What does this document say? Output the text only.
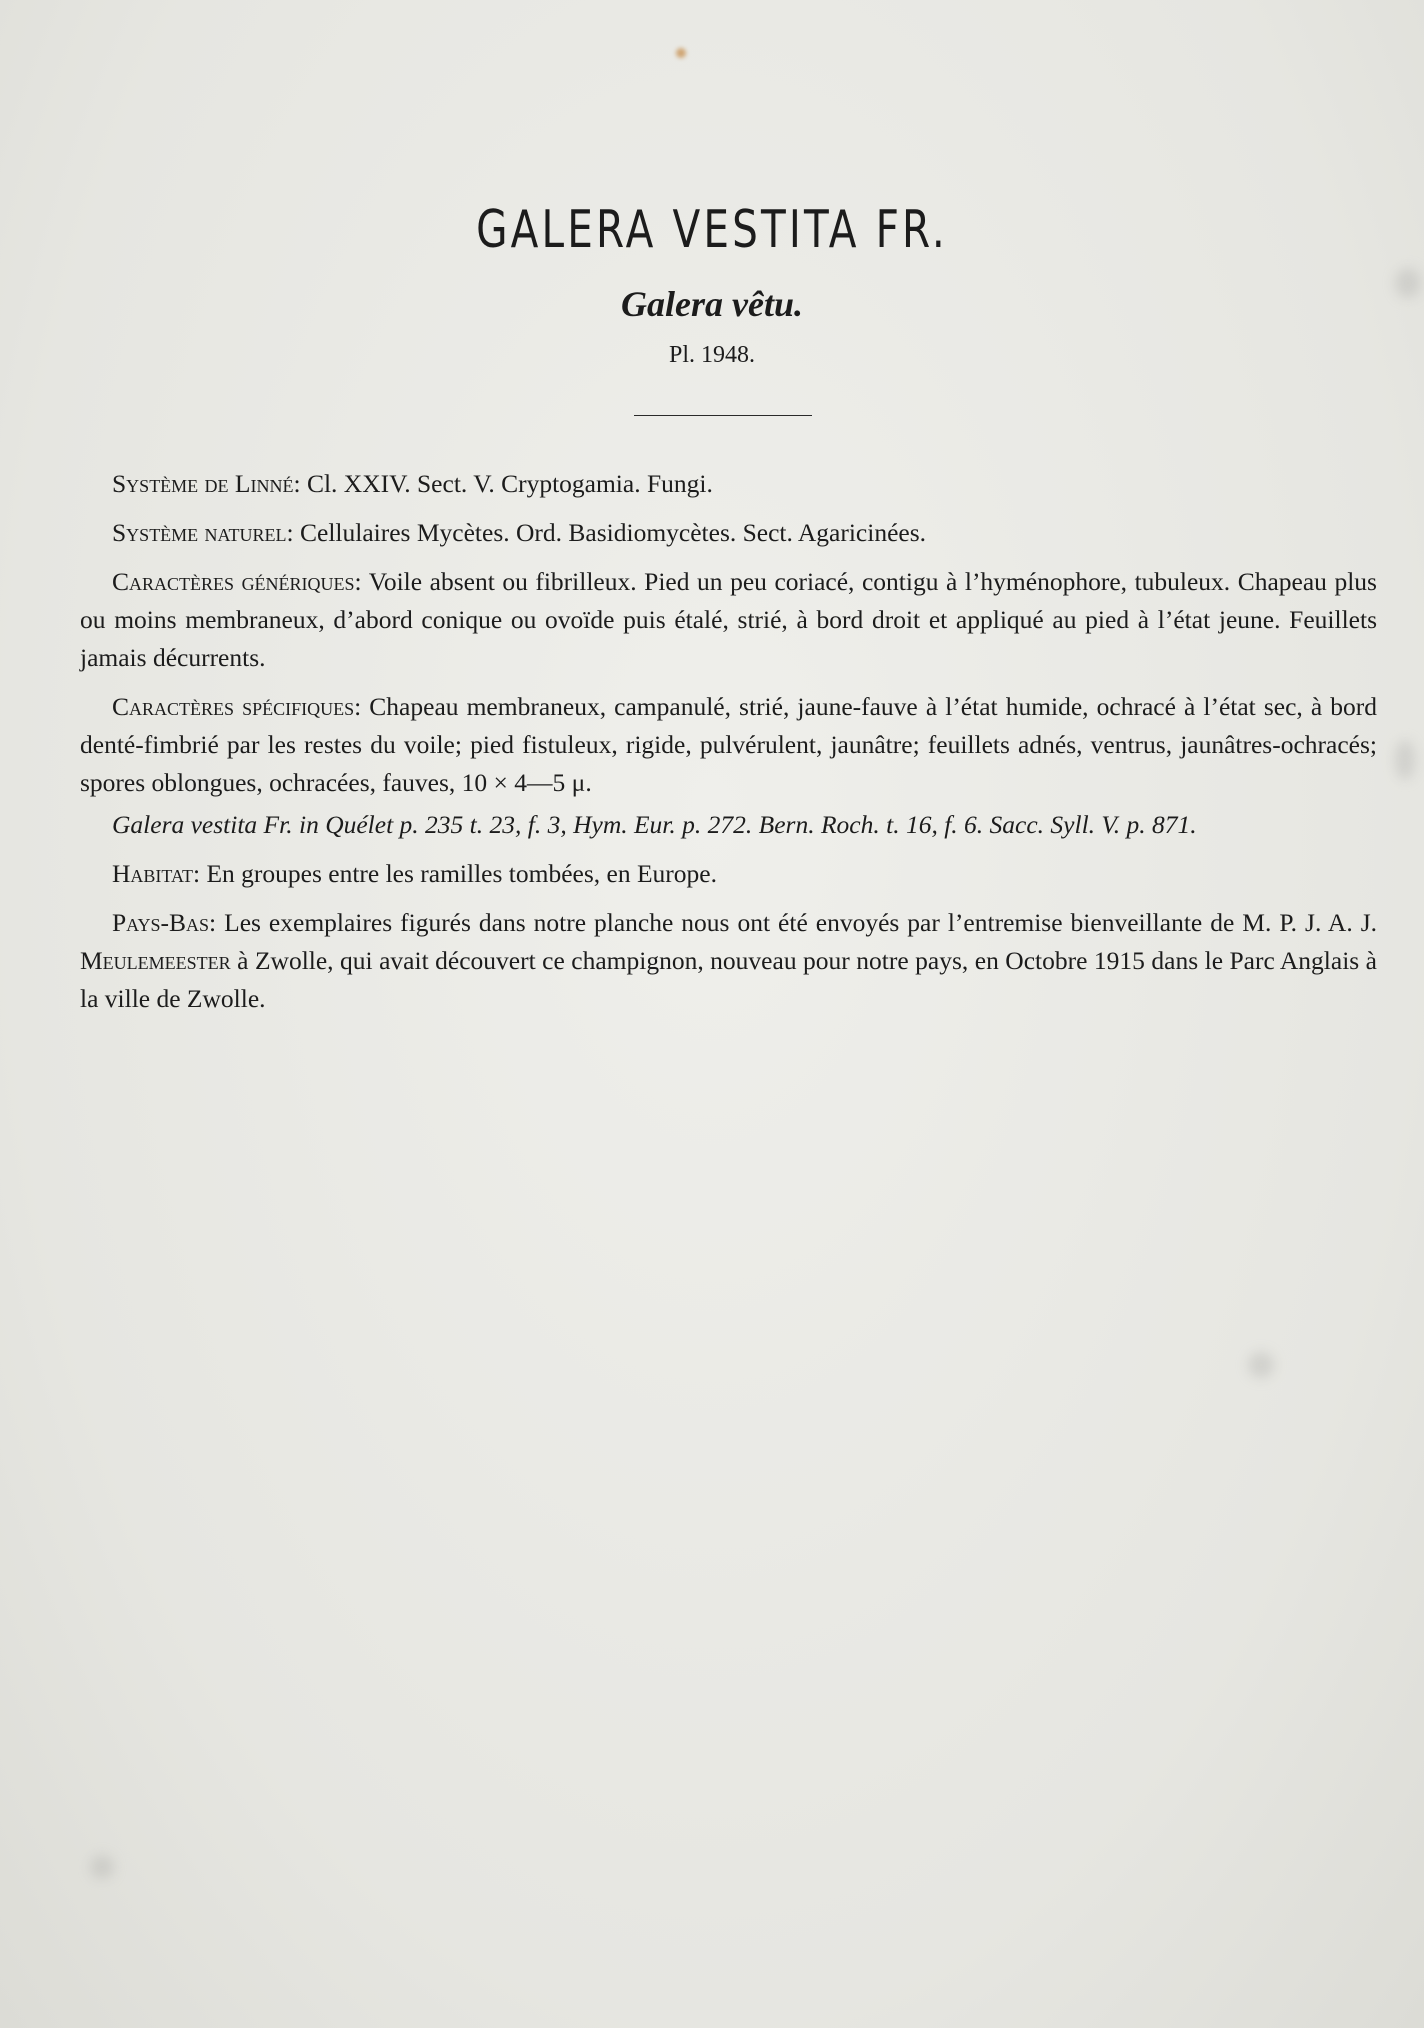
GALERA VESTITA FR.
Galera vêtu.
Pl. 1948.

Système de Linné: Cl. XXIV. Sect. V. Cryptogamia. Fungi.

Système naturel: Cellulaires Mycètes. Ord. Basidiomycètes. Sect. Agaricinées.

Caractères génériques: Voile absent ou fibrilleux. Pied un peu coriacé, contigu à l’hyménophore, tubuleux. Chapeau plus ou moins membraneux, d’abord conique ou ovoïde puis étalé, strié, à bord droit et appliqué au pied à l’état jeune. Feuillets jamais décurrents.

Caractères spécifiques: Chapeau membraneux, campanulé, strié, jaune-fauve à l’état humide, ochracé à l’état sec, à bord denté-fimbrié par les restes du voile; pied fistuleux, rigide, pulvérulent, jaunâtre; feuillets adnés, ventrus, jaunâtres-ochracés; spores oblongues, ochracées, fauves, 10 × 4—5 μ.

Galera vestita Fr. in Quélet p. 235 t. 23, f. 3, Hym. Eur. p. 272. Bern. Roch. t. 16, f. 6. Sacc. Syll. V. p. 871.

Habitat: En groupes entre les ramilles tombées, en Europe.

Pays-Bas: Les exemplaires figurés dans notre planche nous ont été envoyés par l’entremise bienveillante de M. P. J. A. J. Meulemeester à Zwolle, qui avait découvert ce champignon, nouveau pour notre pays, en Octobre 1915 dans le Parc Anglais à la ville de Zwolle.
